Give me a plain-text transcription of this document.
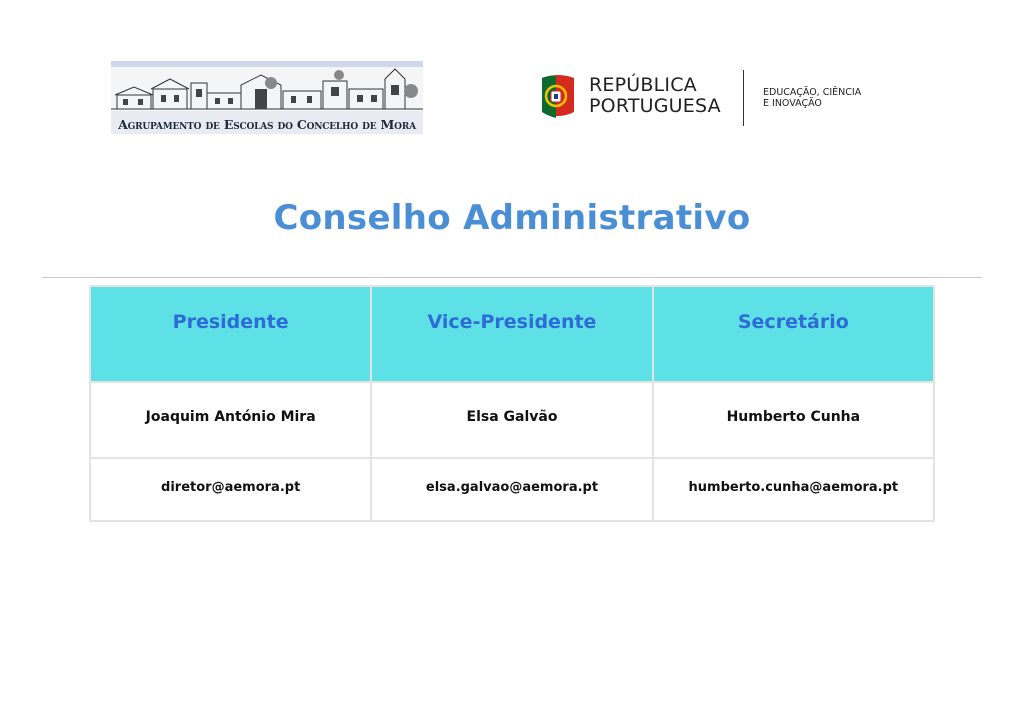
Agrupamento de Escolas do Concelho de Mora
REPÚBLICA
PORTUGUESA
EDUCAÇÃO, CIÊNCIA
E INOVAÇÃO
Conselho Administrativo
Presidente	Vice-Presidente	Secretário
Joaquim António Mira	Elsa Galvão	Humberto Cunha
diretor@aemora.pt	elsa.galvao@aemora.pt	humberto.cunha@aemora.pt
